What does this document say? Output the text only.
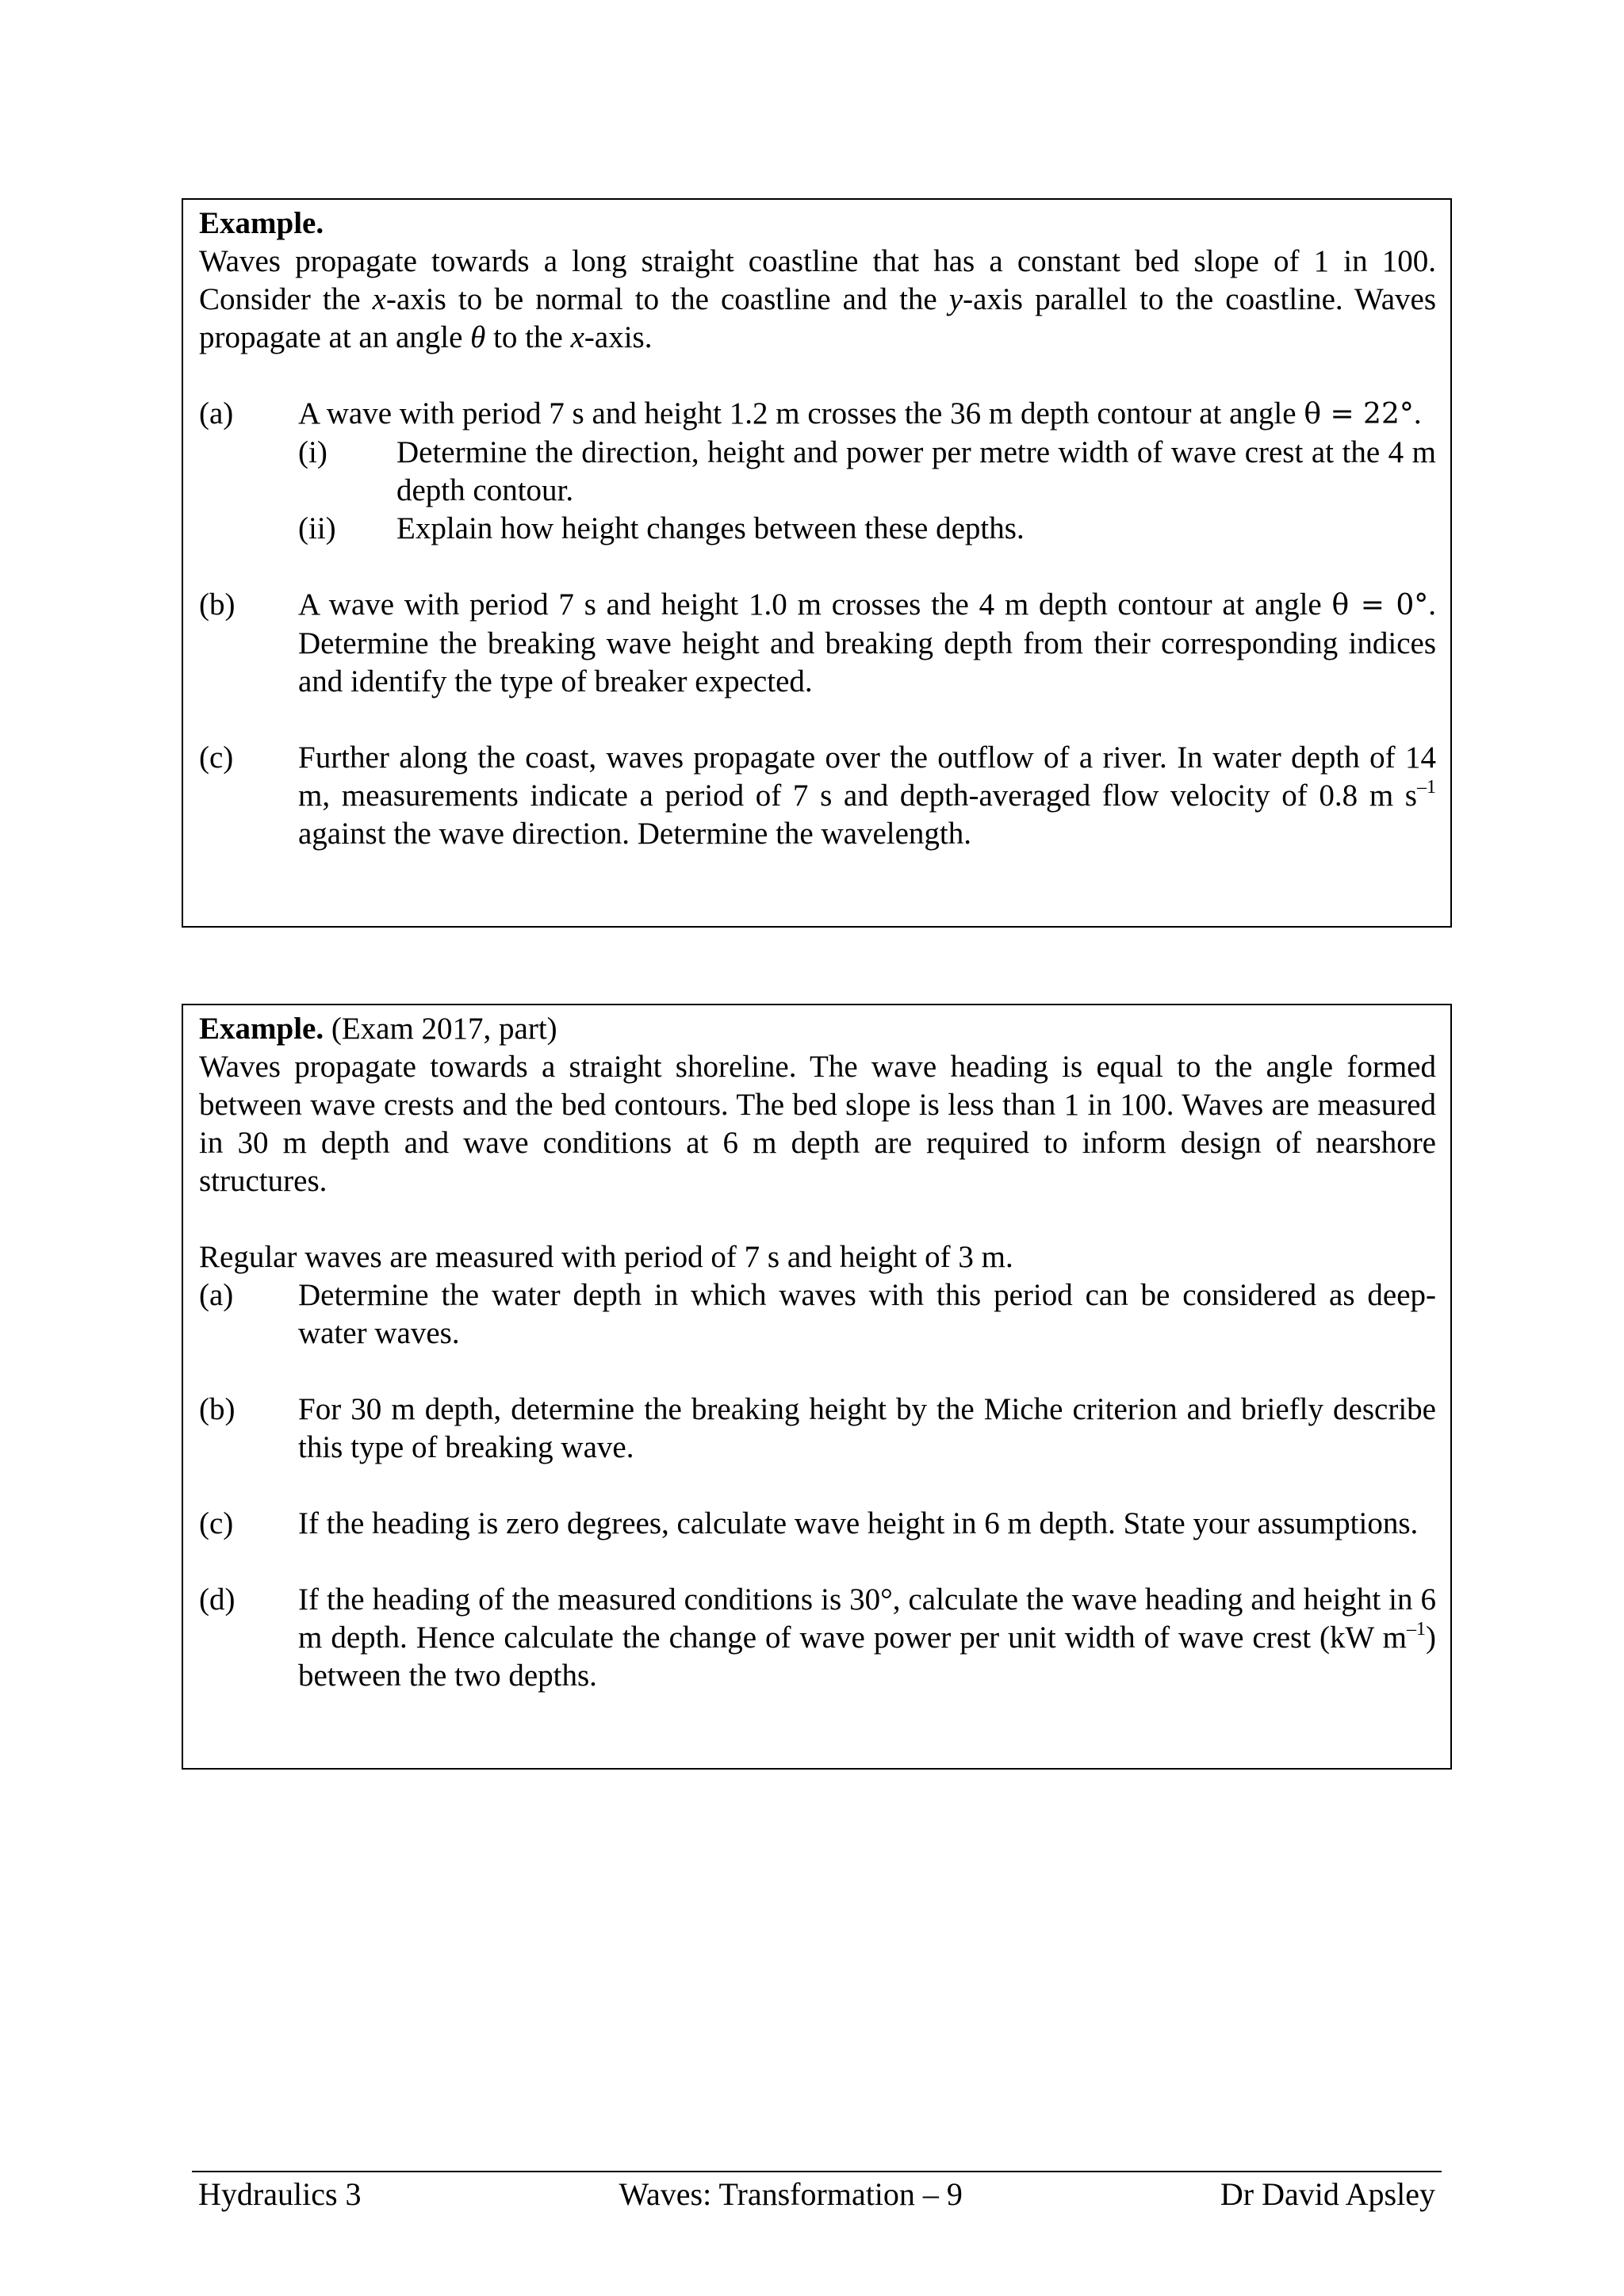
Example.
Waves propagate towards a long straight coastline that has a constant bed slope of 1 in 100. Consider the x-axis to be normal to the coastline and the y-axis parallel to the coastline. Waves propagate at an angle θ to the x-axis.

(a)	A wave with period 7 s and height 1.2 m crosses the 36 m depth contour at angle θ = 22°.
(i)	Determine the direction, height and power per metre width of wave crest at the 4 m depth contour.
(ii)	Explain how height changes between these depths.
(b)	A wave with period 7 s and height 1.0 m crosses the 4 m depth contour at angle θ = 0°. Determine the breaking wave height and breaking depth from their corresponding indices and identify the type of breaker expected.
(c)	Further along the coast, waves propagate over the outflow of a river. In water depth of 14 m, measurements indicate a period of 7 s and depth-averaged flow velocity of 0.8 m $s^{-1}$ against the wave direction. Determine the wavelength.

Example. (Exam 2017, part)
Waves propagate towards a straight shoreline. The wave heading is equal to the angle formed between wave crests and the bed contours. The bed slope is less than 1 in 100. Waves are measured in 30 m depth and wave conditions at 6 m depth are required to inform design of nearshore structures.

Regular waves are measured with period of 7 s and height of 3 m.

(a)	Determine the water depth in which waves with this period can be considered as deep-water waves.
(b)	For 30 m depth, determine the breaking height by the Miche criterion and briefly describe this type of breaking wave.
(c)	If the heading is zero degrees, calculate wave height in 6 m depth. State your assumptions.
(d)	If the heading of the measured conditions is 30°, calculate the wave heading and height in 6 m depth. Hence calculate the change of wave power per unit width of wave crest (kW $m^{-1}$) between the two depths.
Hydraulics 3	Waves: Transformation – 9	Dr David Apsley
